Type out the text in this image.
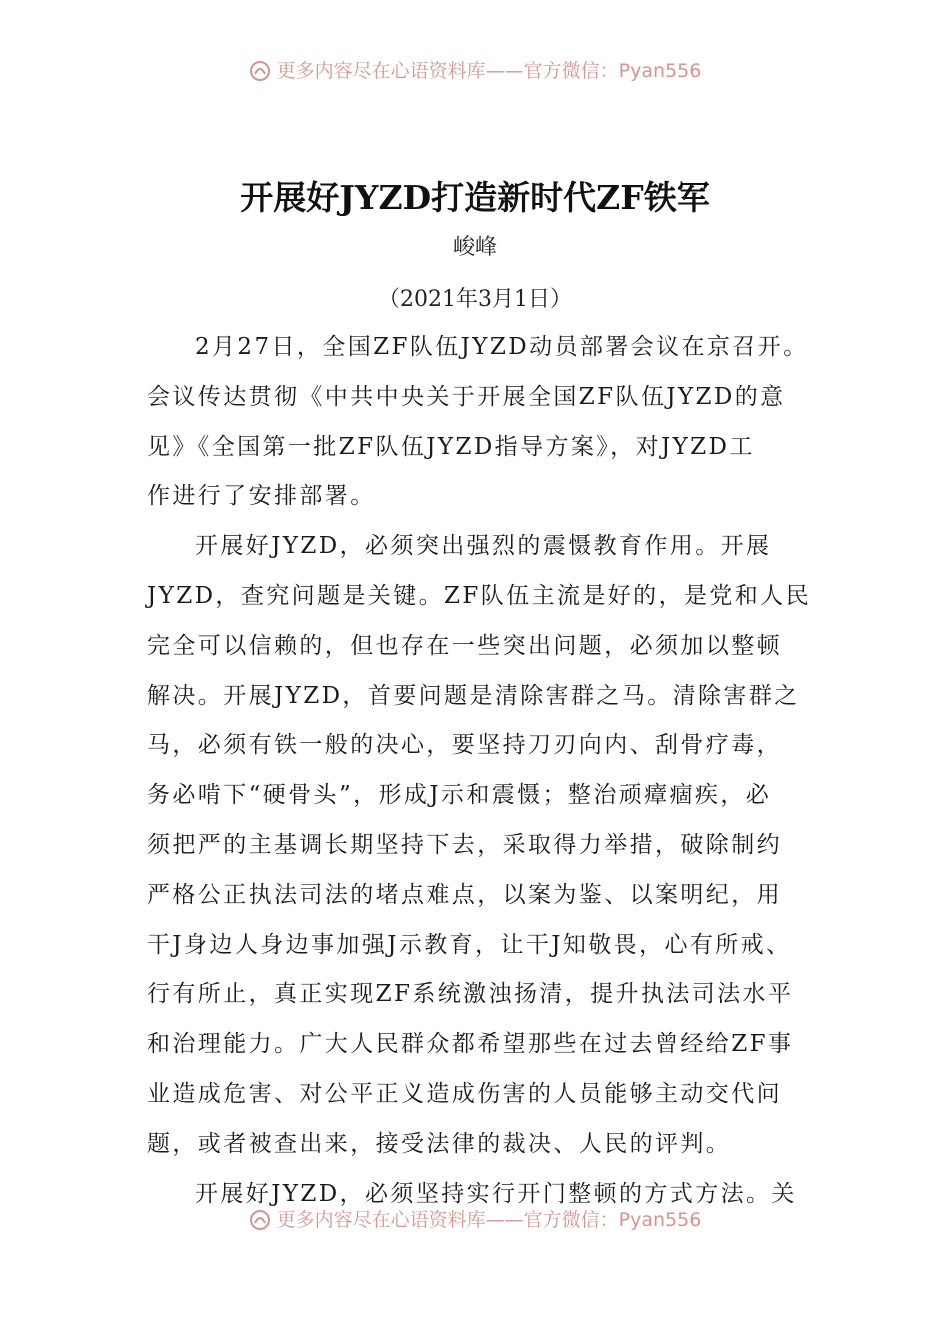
更多内容尽在心语资料库——官方微信：Pyan556
开展好JYZD打造新时代ZF铁军
峻峰
（2021年3月1日）
2月27日，全国ZF队伍JYZD动员部署会议在京召开。
会议传达贯彻《中共中央关于开展全国ZF队伍JYZD的意
见》《全国第一批ZF队伍JYZD指导方案》，对JYZD工
作进行了安排部署。
开展好JYZD，必须突出强烈的震慑教育作用。开展
JYZD，查究问题是关键。ZF队伍主流是好的，是党和人民
完全可以信赖的，但也存在一些突出问题，必须加以整顿
解决。开展JYZD，首要问题是清除害群之马。清除害群之
马，必须有铁一般的决心，要坚持刀刃向内、刮骨疗毒，
务必啃下“硬骨头”，形成J示和震慑；整治顽瘴痼疾，必
须把严的主基调长期坚持下去，采取得力举措，破除制约
严格公正执法司法的堵点难点，以案为鉴、以案明纪，用
干J身边人身边事加强J示教育，让干J知敬畏，心有所戒、
行有所止，真正实现ZF系统激浊扬清，提升执法司法水平
和治理能力。广大人民群众都希望那些在过去曾经给ZF事
业造成危害、对公平正义造成伤害的人员能够主动交代问
题，或者被查出来，接受法律的裁决、人民的评判。
开展好JYZD，必须坚持实行开门整顿的方式方法。关
更多内容尽在心语资料库——官方微信：Pyan556
